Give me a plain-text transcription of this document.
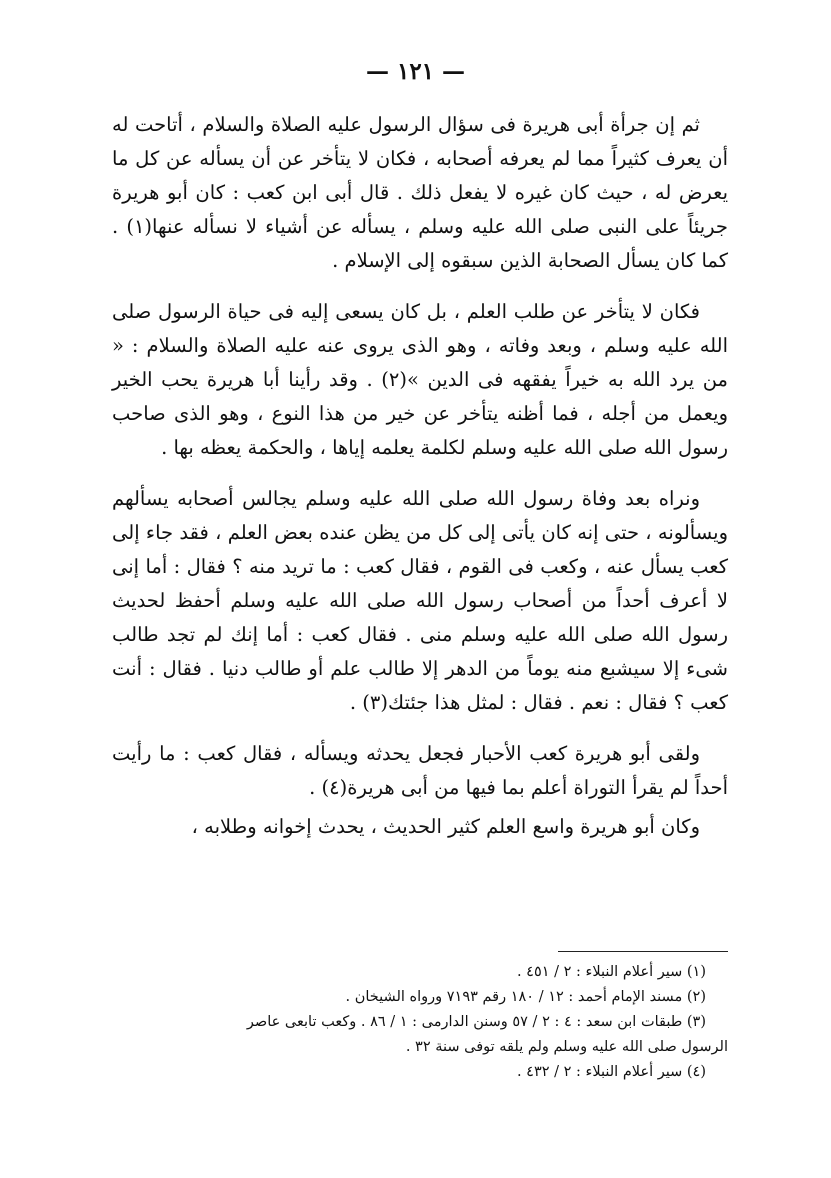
— ١٢١ —

ثم إن جرأة أبى هريرة فى سؤال الرسول عليه الصلاة والسلام ، أتاحت له أن يعرف كثيراً مما لم يعرفه أصحابه ، فكان لا يتأخر عن أن يسأله عن كل ما يعرض له ، حيث كان غيره لا يفعل ذلك . قال أبى ابن كعب : كان أبو هريرة جريئاً على النبى صلى الله عليه وسلم ، يسأله عن أشياء لا نسأله عنها(١) . كما كان يسأل الصحابة الذين سبقوه إلى الإسلام .

فكان لا يتأخر عن طلب العلم ، بل كان يسعى إليه فى حياة الرسول صلى الله عليه وسلم ، وبعد وفاته ، وهو الذى يروى عنه عليه الصلاة والسلام : « من يرد الله به خيراً يفقهه فى الدين »(٢) . وقد رأينا أبا هريرة يحب الخير ويعمل من أجله ، فما أظنه يتأخر عن خير من هذا النوع ، وهو الذى صاحب رسول الله صلى الله عليه وسلم لكلمة يعلمه إياها ، والحكمة يعظه بها .

ونراه بعد وفاة رسول الله صلى الله عليه وسلم يجالس أصحابه يسألهم ويسألونه ، حتى إنه كان يأتى إلى كل من يظن عنده بعض العلم ، فقد جاء إلى كعب يسأل عنه ، وكعب فى القوم ، فقال كعب : ما تريد منه ؟ فقال : أما إنى لا أعرف أحداً من أصحاب رسول الله صلى الله عليه وسلم أحفظ لحديث رسول الله صلى الله عليه وسلم منى . فقال كعب : أما إنك لم تجد طالب شىء إلا سيشبع منه يوماً من الدهر إلا طالب علم أو طالب دنيا . فقال : أنت كعب ؟ فقال : نعم . فقال : لمثل هذا جئتك(٣) .

ولقى أبو هريرة كعب الأحبار فجعل يحدثه ويسأله ، فقال كعب : ما رأيت أحداً لم يقرأ التوراة أعلم بما فيها من أبى هريرة(٤) .

وكان أبو هريرة واسع العلم كثير الحديث ، يحدث إخوانه وطلابه ،

(١) سير أعلام النبلاء : ٢ / ٤٥١ .

(٢) مسند الإمام أحمد : ١٢ / ١٨٠ رقم ٧١٩٣ ورواه الشيخان .

(٣) طبقات ابن سعد : ٤ : ٢ / ٥٧ وسنن الدارمى : ١ / ٨٦ . وكعب تابعى عاصر

الرسول صلى الله عليه وسلم ولم يلقه توفى سنة ٣٢ .

(٤) سير أعلام النبلاء : ٢ / ٤٣٢ .
